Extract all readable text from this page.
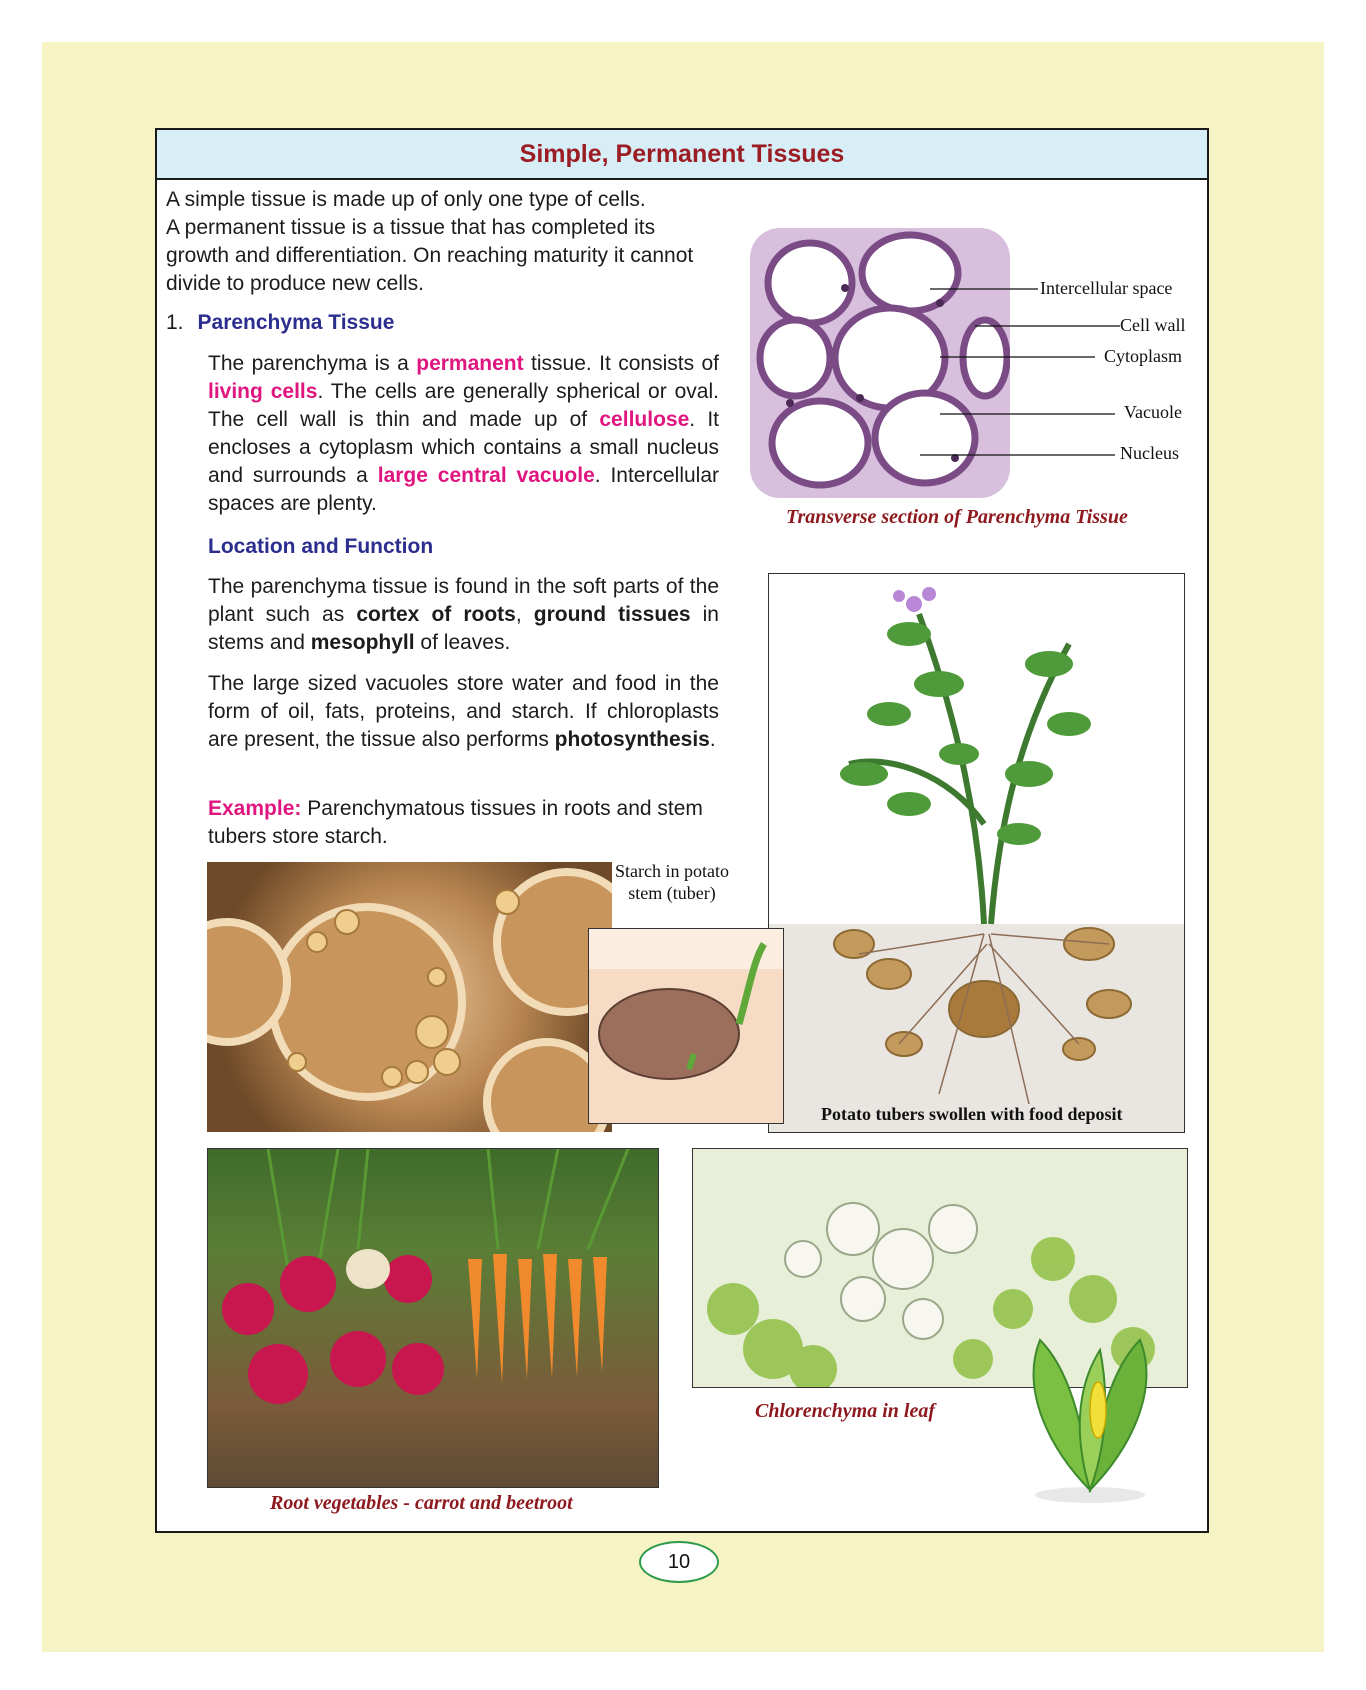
Simple, Permanent Tissues

A simple tissue is made up of only one type of cells.
A permanent tissue is a tissue that has completed its growth and differentiation. On reaching maturity it cannot divide to produce new cells.

1. Parenchyma Tissue

The parenchyma is a permanent tissue. It consists of living cells. The cells are generally spherical or oval. The cell wall is thin and made up of cellulose. It encloses a cytoplasm which contains a small nucleus and surrounds a large central vacuole. Intercellular spaces are plenty.

Location and Function

The parenchyma tissue is found in the soft parts of the plant such as cortex of roots, ground tissues in stems and mesophyll of leaves.

The large sized vacuoles store water and food in the form of oil, fats, proteins, and starch. If chloroplasts are present, the tissue also performs photosynthesis.

Example: Parenchymatous tissues in roots and stem tubers store starch.

Intercellular space
Cell wall
Cytoplasm
Vacuole
Nucleus
Transverse section of Parenchyma Tissue
Potato tubers swollen with food deposit
Starch in potato
stem (tuber)
Root vegetables - carrot and beetroot
Chlorenchyma in leaf
10
